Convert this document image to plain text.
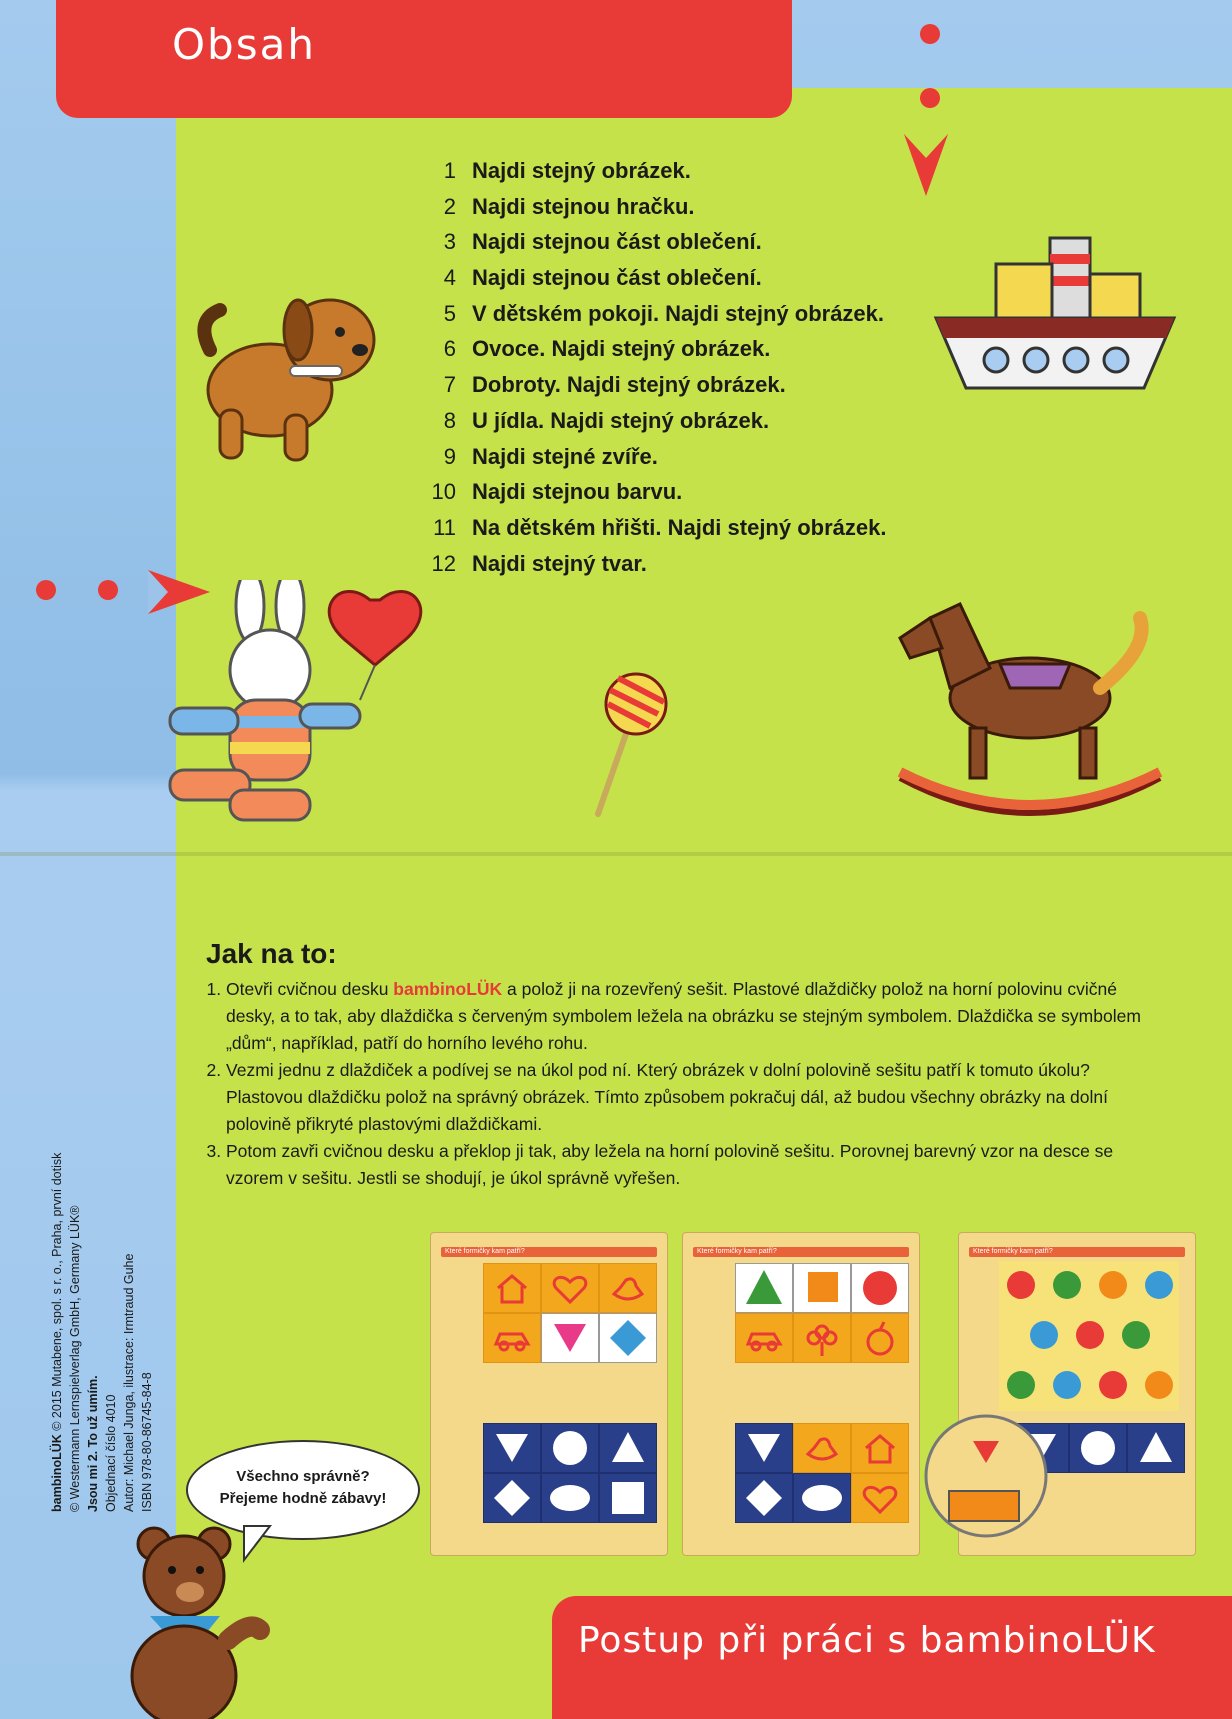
Obsah
1 Najdi stejný obrázek.
2 Najdi stejnou hračku.
3 Najdi stejnou část oblečení.
4 Najdi stejnou část oblečení.
5 V dětském pokoji. Najdi stejný obrázek.
6 Ovoce. Najdi stejný obrázek.
7 Dobroty. Najdi stejný obrázek.
8 U jídla. Najdi stejný obrázek.
9 Najdi stejné zvíře.
10 Najdi stejnou barvu.
11 Na dětském hřišti. Najdi stejný obrázek.
12 Najdi stejný tvar.
Jak na to:
1. Otevři cvičnou desku bambinoLÜK a polož ji na rozevřený sešit. Plastové dlaždičky polož na horní polovinu cvičné desky, a to tak, aby dlaždička s červeným symbolem ležela na obrázku se stejným symbolem. Dlaždička se symbolem „dům“, například, patří do horního levého rohu.
2. Vezmi jednu z dlaždiček a podívej se na úkol pod ní. Který obrázek v dolní polovině sešitu patří k tomuto úkolu? Plastovou dlaždičku polož na správný obrázek. Tímto způsobem pokračuj dál, až budou všechny obrázky na dolní polovině přikryté plastovými dlaždičkami.
3. Potom zavři cvičnou desku a překlop ji tak, aby ležela na horní polovině sešitu. Porovnej barevný vzor na desce se vzorem v sešitu. Jestli se shodují, je úkol správně vyřešen.
bambinoLÜK © 2015 Mutabene, spol. s r. o., Praha, první dotisk © Westermann Lernspielverlag GmbH, Germany LÜK® Jsou mi 2. To už umím. Objednací číslo 4010 Autor: Michael Junga, ilustrace: Irmtraud Guhe ISBN 978-80-86745-84-8	Všechno správně?
Přejeme hodně zábavy!
Které formičky kam patří?	Které formičky kam patří?	Které formičky kam patří?
Postup při práci s bambinoLÜK
